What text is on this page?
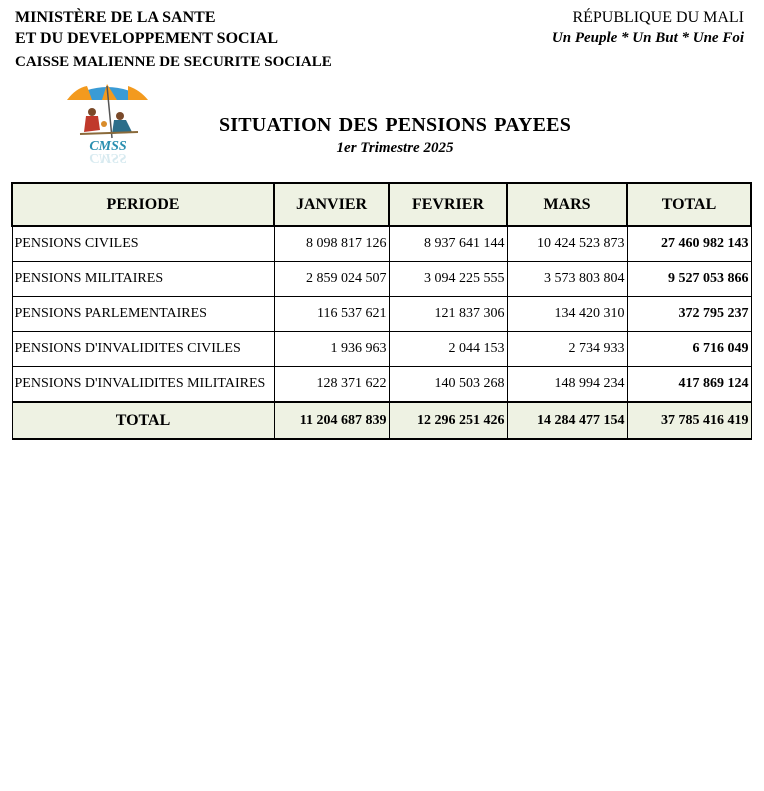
MINISTÈRE DE LA SANTE
ET DU DEVELOPPEMENT SOCIAL
CAISSE MALIENNE DE SECURITE SOCIALE
RÉPUBLIQUE DU MALI
Un Peuple * Un But * Une Foi
CMSS
CMSS
SITUATION DES PENSIONS PAYEES
1er Trimestre 2025
PERIODE	JANVIER	FEVRIER	MARS	TOTAL
PENSIONS CIVILES	8 098 817 126	8 937 641 144	10 424 523 873	27 460 982 143
PENSIONS MILITAIRES	2 859 024 507	3 094 225 555	3 573 803 804	9 527 053 866
PENSIONS PARLEMENTAIRES	116 537 621	121 837 306	134 420 310	372 795 237
PENSIONS D'INVALIDITES CIVILES	1 936 963	2 044 153	2 734 933	6 716 049
PENSIONS D'INVALIDITES MILITAIRES	128 371 622	140 503 268	148 994 234	417 869 124
TOTAL	11 204 687 839	12 296 251 426	14 284 477 154	37 785 416 419
